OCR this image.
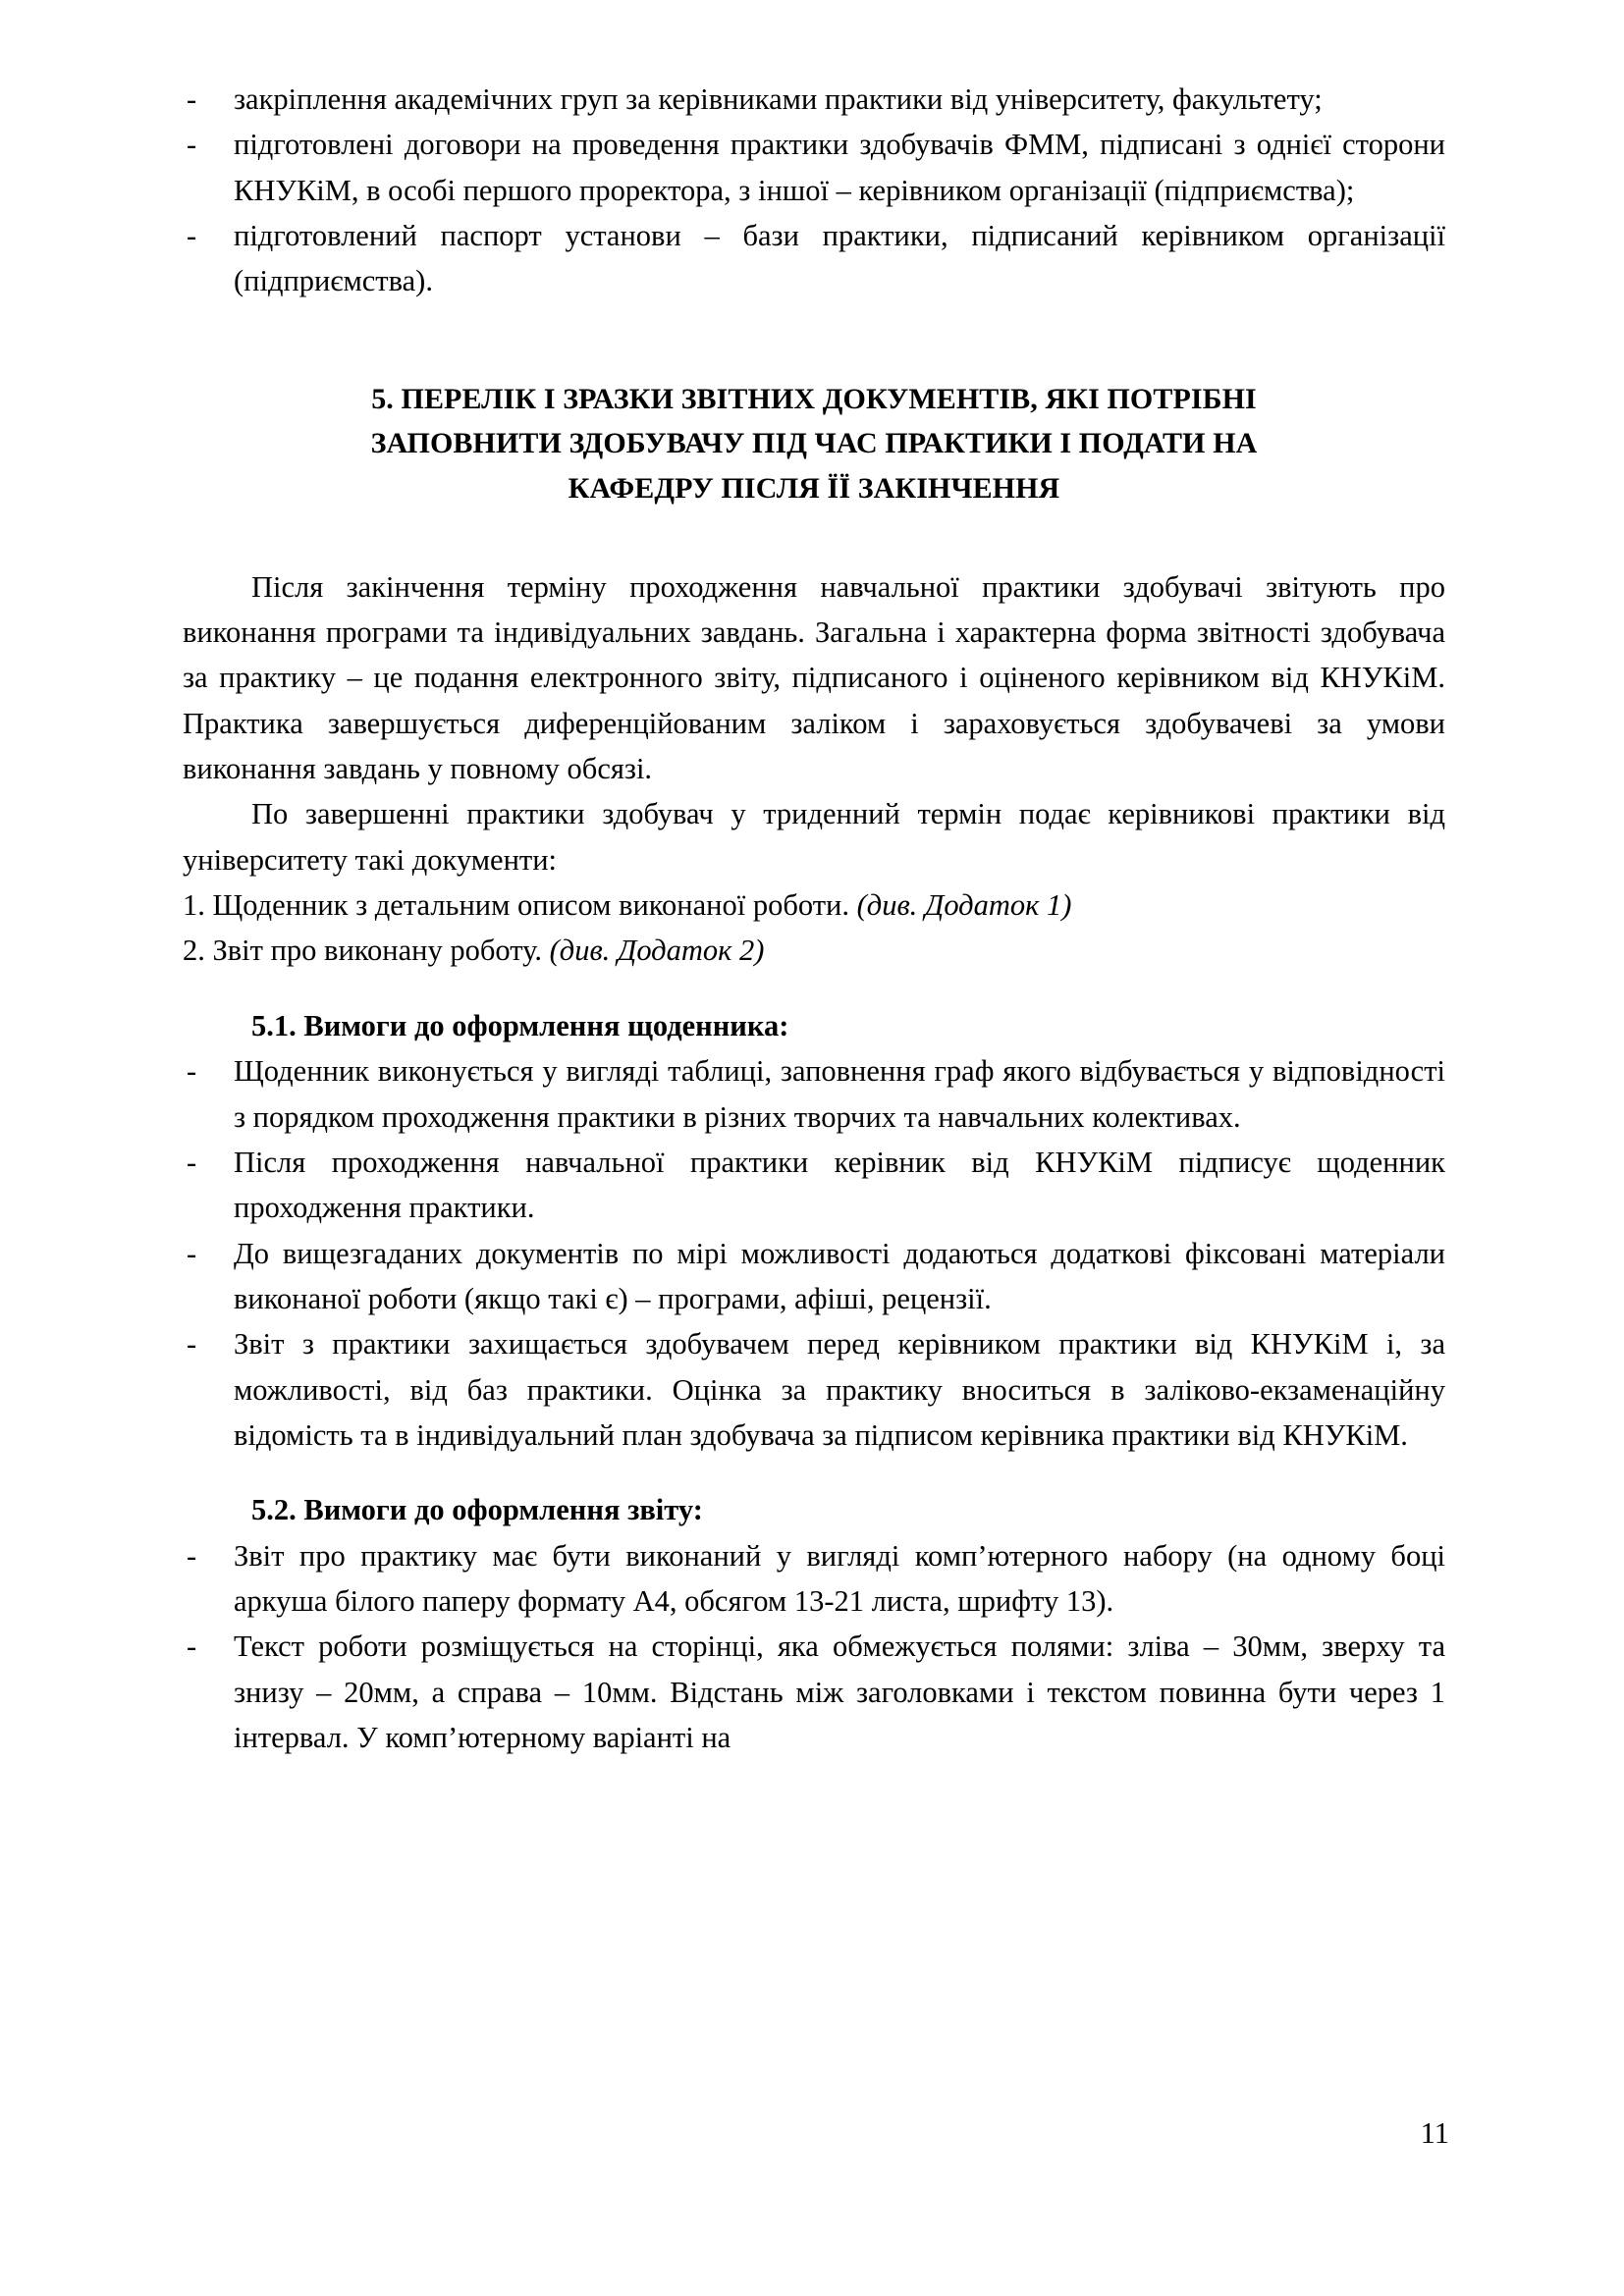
-	закріплення академічних груп за керівниками практики від університету, факультету;
-	підготовлені договори на проведення практики здобувачів ФММ, підписані з однієї сторони КНУКіМ, в особі першого проректора, з іншої – керівником організації (підприємства);
-	підготовлений паспорт установи – бази практики, підписаний керівником організації (підприємства).
5. ПЕРЕЛІК І ЗРАЗКИ ЗВІТНИХ ДОКУМЕНТІВ, ЯКІ ПОТРІБНІ
ЗАПОВНИТИ ЗДОБУВАЧУ ПІД ЧАС ПРАКТИКИ І ПОДАТИ НА
КАФЕДРУ ПІСЛЯ ЇЇ ЗАКІНЧЕННЯ

Після закінчення терміну проходження навчальної практики здобувачі звітують про виконання програми та індивідуальних завдань. Загальна і характерна форма звітності здобувача за практику – це подання електронного звіту, підписаного і оціненого керівником від КНУКіМ. Практика завершується диференційованим заліком і зараховується здобувачеві за умови виконання завдань у повному обсязі.

По завершенні практики здобувач у триденний термін подає керівникові практики від університету такі документи:

1. Щоденник з детальним описом виконаної роботи. (див. Додаток 1)

2. Звіт про виконану роботу. (див. Додаток 2)

5.1. Вимоги до оформлення щоденника:

-	Щоденник виконується у вигляді таблиці, заповнення граф якого відбувається у відповідності з порядком проходження практики в різних творчих та навчальних колективах.
-	Після проходження навчальної практики керівник від КНУКіМ підписує щоденник проходження практики.
-	До вищезгаданих документів по мірі можливості додаються додаткові фіксовані матеріали виконаної роботи (якщо такі є) – програми, афіші, рецензії.
-	Звіт з практики захищається здобувачем перед керівником практики від КНУКіМ і, за можливості, від баз практики. Оцінка за практику вноситься в заліково-екзаменаційну відомість та в індивідуальний план здобувача за підписом керівника практики від КНУКіМ.

5.2. Вимоги до оформлення звіту:

-	Звіт про практику має бути виконаний у вигляді комп’ютерного набору (на одному боці аркуша білого паперу формату А4, обсягом 13-21 листа, шрифту 13).
-	Текст роботи розміщується на сторінці, яка обмежується полями: зліва – 30мм, зверху та знизу – 20мм, а справа – 10мм. Відстань між заголовками і текстом повинна бути через 1 інтервал. У комп’ютерному варіанті на
11
